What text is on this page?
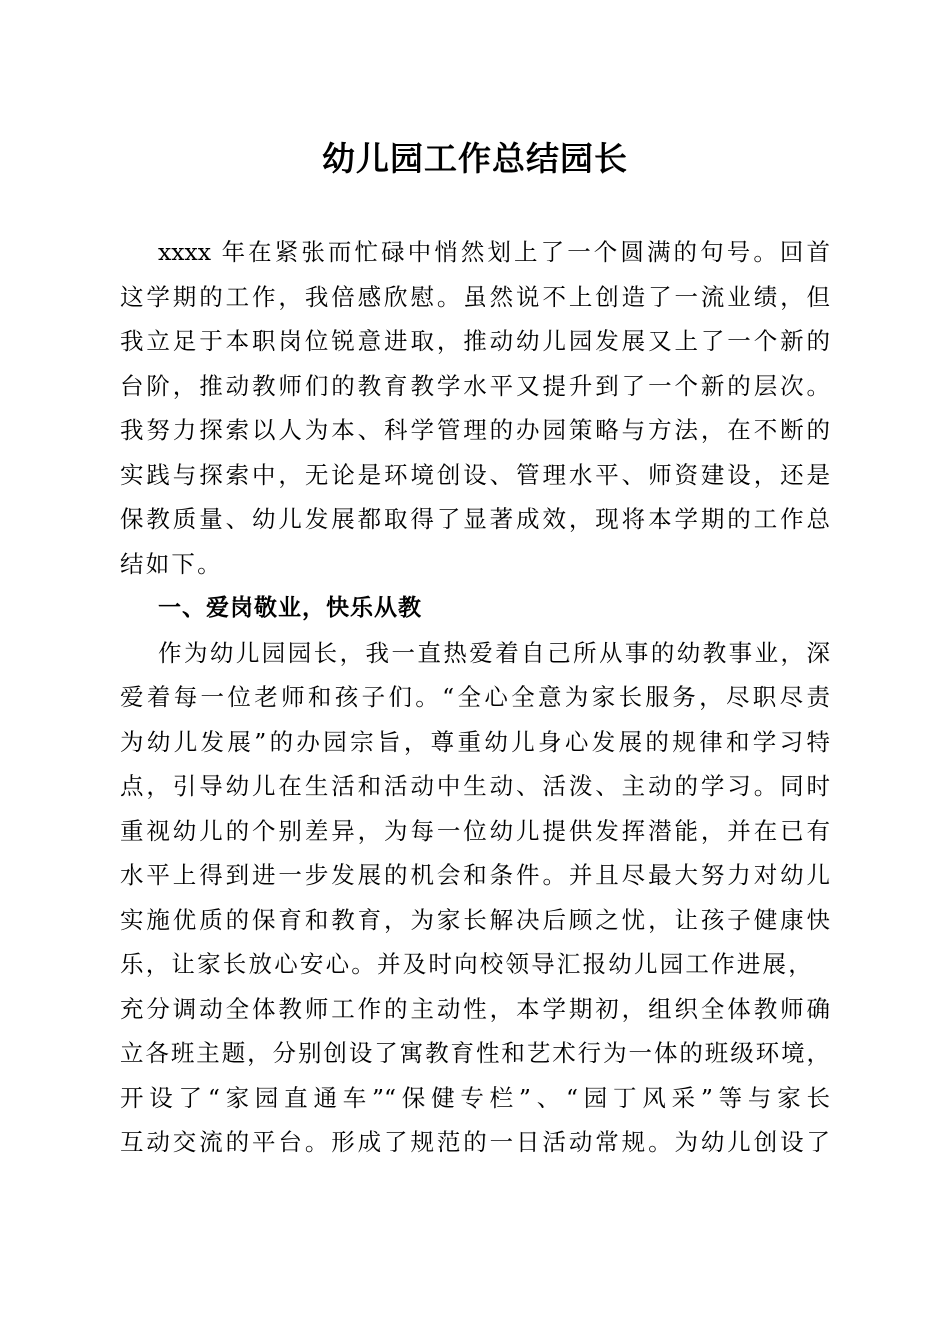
幼儿园工作总结园长
xxxx 年在紧张而忙碌中悄然划上了一个圆满的句号。回首
这学期的工作，我倍感欣慰。虽然说不上创造了一流业绩，但
我立足于本职岗位锐意进取，推动幼儿园发展又上了一个新的
台阶，推动教师们的教育教学水平又提升到了一个新的层次。
我努力探索以人为本、科学管理的办园策略与方法，在不断的
实践与探索中，无论是环境创设、管理水平、师资建设，还是
保教质量、幼儿发展都取得了显著成效，现将本学期的工作总
结如下。
一、爱岗敬业，快乐从教
作为幼儿园园长，我一直热爱着自己所从事的幼教事业，深
爱着每一位老师和孩子们。“全心全意为家长服务，尽职尽责
为幼儿发展”的办园宗旨，尊重幼儿身心发展的规律和学习特
点，引导幼儿在生活和活动中生动、活泼、主动的学习。同时
重视幼儿的个别差异，为每一位幼儿提供发挥潜能，并在已有
水平上得到进一步发展的机会和条件。并且尽最大努力对幼儿
实施优质的保育和教育，为家长解决后顾之忧，让孩子健康快
乐，让家长放心安心。并及时向校领导汇报幼儿园工作进展，
充分调动全体教师工作的主动性，本学期初，组织全体教师确
立各班主题，分别创设了寓教育性和艺术行为一体的班级环境，
开设了“家园直通车”“保健专栏”、“园丁风采”等与家长
互动交流的平台。形成了规范的一日活动常规。为幼儿创设了
